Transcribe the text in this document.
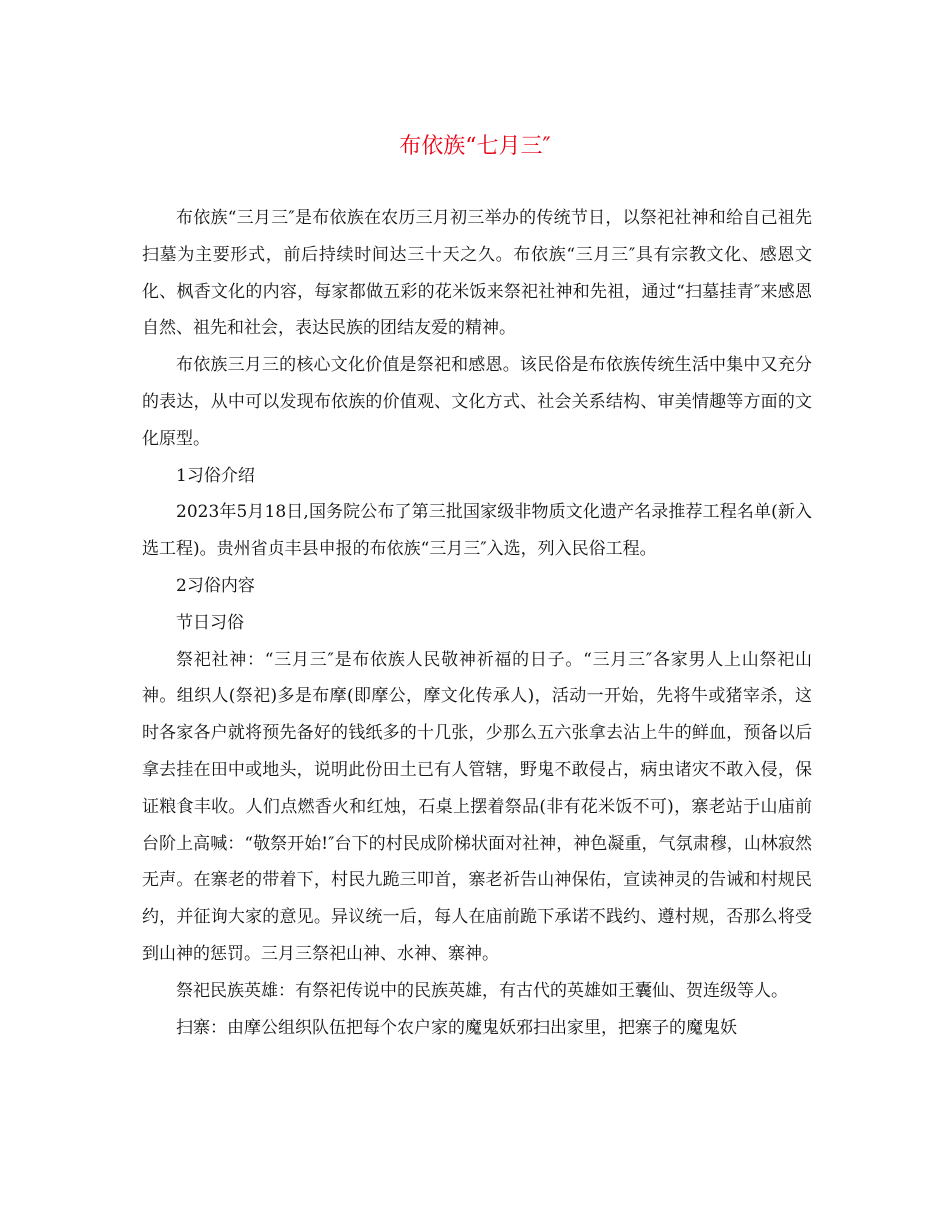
布依族“七月三″

布依族“三月三″是布依族在农历三月初三举办的传统节日，以祭祀社神和给自己祖先扫墓为主要形式，前后持续时间达三十天之久。布依族“三月三″具有宗教文化、感恩文化、枫香文化的内容，每家都做五彩的花米饭来祭祀社神和先祖，通过“扫墓挂青″来感恩自然、祖先和社会，表达民族的团结友爱的精神。

布依族三月三的核心文化价值是祭祀和感恩。该民俗是布依族传统生活中集中又充分的表达，从中可以发现布依族的价值观、文化方式、社会关系结构、审美情趣等方面的文化原型。

1习俗介绍

2023年5月18日,国务院公布了第三批国家级非物质文化遗产名录推荐工程名单(新入选工程)。贵州省贞丰县申报的布依族“三月三″入选，列入民俗工程。

2习俗内容

节日习俗

祭祀社神：“三月三″是布依族人民敬神祈福的日子。“三月三″各家男人上山祭祀山神。组织人(祭祀)多是布摩(即摩公，摩文化传承人)，活动一开始，先将牛或猪宰杀，这时各家各户就将预先备好的钱纸多的十几张，少那么五六张拿去沾上牛的鲜血，预备以后拿去挂在田中或地头，说明此份田土已有人管辖，野鬼不敢侵占，病虫诸灾不敢入侵，保证粮食丰收。人们点燃香火和红烛，石桌上摆着祭品(非有花米饭不可)，寨老站于山庙前台阶上高喊：“敬祭开始!″台下的村民成阶梯状面对社神，神色凝重，气氛肃穆，山林寂然无声。在寨老的带着下，村民九跪三叩首，寨老祈告山神保佑，宣读神灵的告诫和村规民约，并征询大家的意见。异议统一后，每人在庙前跪下承诺不践约、遵村规，否那么将受到山神的惩罚。三月三祭祀山神、水神、寨神。

祭祀民族英雄：有祭祀传说中的民族英雄，有古代的英雄如王囊仙、贺连级等人。

扫寨：由摩公组织队伍把每个农户家的魔鬼妖邪扫出家里，把寨子的魔鬼妖
